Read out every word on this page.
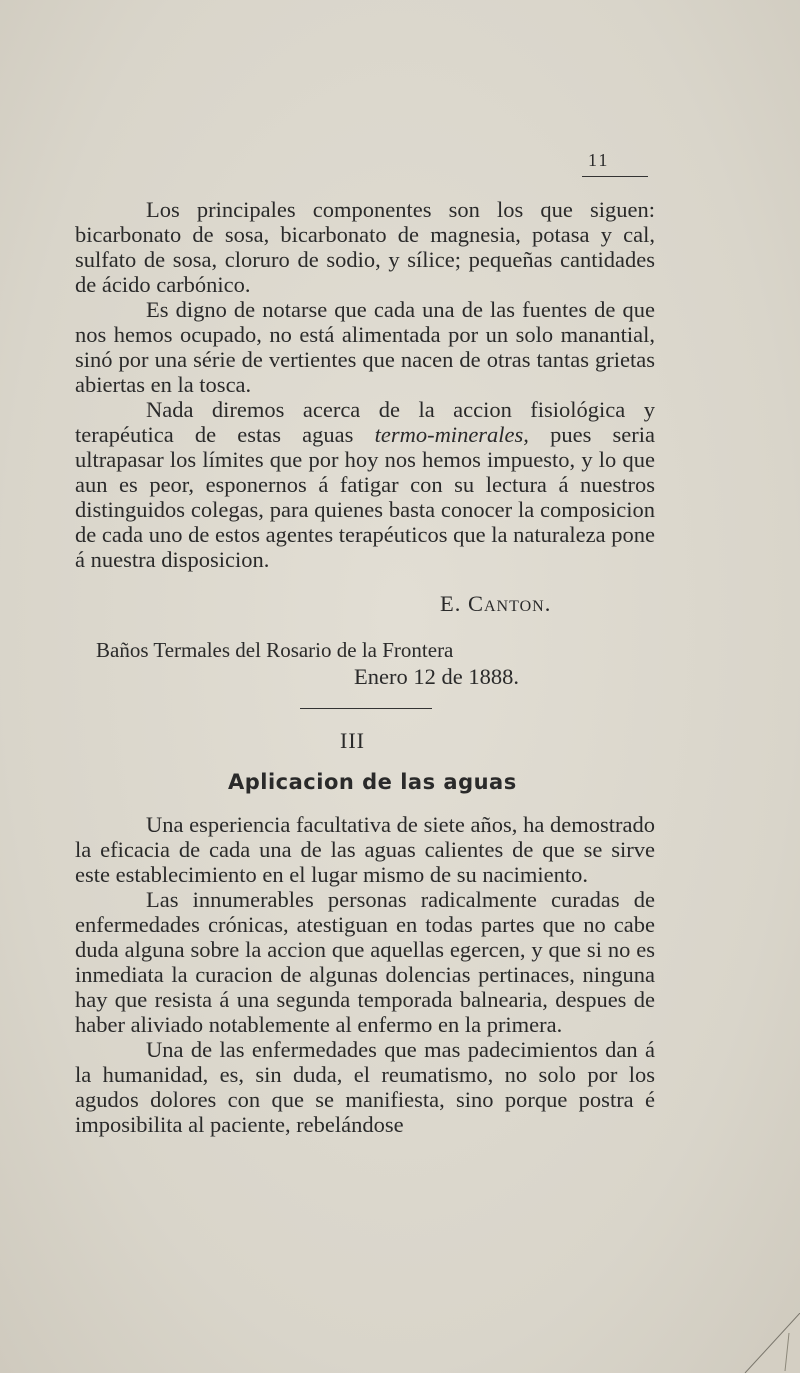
11

Los principales componentes son los que siguen: bicarbonato de sosa, bicarbonato de magnesia, potasa y cal, sulfato de sosa, cloruro de sodio, y sílice; pequeñas cantidades de ácido carbónico.

Es digno de notarse que cada una de las fuentes de que nos hemos ocupado, no está alimentada por un solo manantial, sinó por una série de vertientes que nacen de otras tantas grietas abiertas en la tosca.

Nada diremos acerca de la accion fisiológica y terapéutica de estas aguas termo-minerales, pues seria ultrapasar los límites que por hoy nos hemos impuesto, y lo que aun es peor, esponernos á fatigar con su lectura á nuestros distinguidos colegas, para quienes basta conocer la composicion de cada uno de estos agentes terapéuticos que la naturaleza pone á nuestra disposicion.

E. Canton.
Baños Termales del Rosario de la Frontera
Enero 12 de 1888.
III
Aplicacion de las aguas

Una esperiencia facultativa de siete años, ha demostrado la eficacia de cada una de las aguas calientes de que se sirve este establecimiento en el lugar mismo de su nacimiento.

Las innumerables personas radicalmente curadas de enfermedades crónicas, atestiguan en todas partes que no cabe duda alguna sobre la accion que aquellas egercen, y que si no es inmediata la curacion de algunas dolencias pertinaces, ninguna hay que resista á una segunda temporada balnearia, despues de haber aliviado notablemente al enfermo en la primera.

Una de las enfermedades que mas padecimientos dan á la humanidad, es, sin duda, el reumatismo, no solo por los agudos dolores con que se manifiesta, sino porque postra é imposibilita al paciente, rebelándose
